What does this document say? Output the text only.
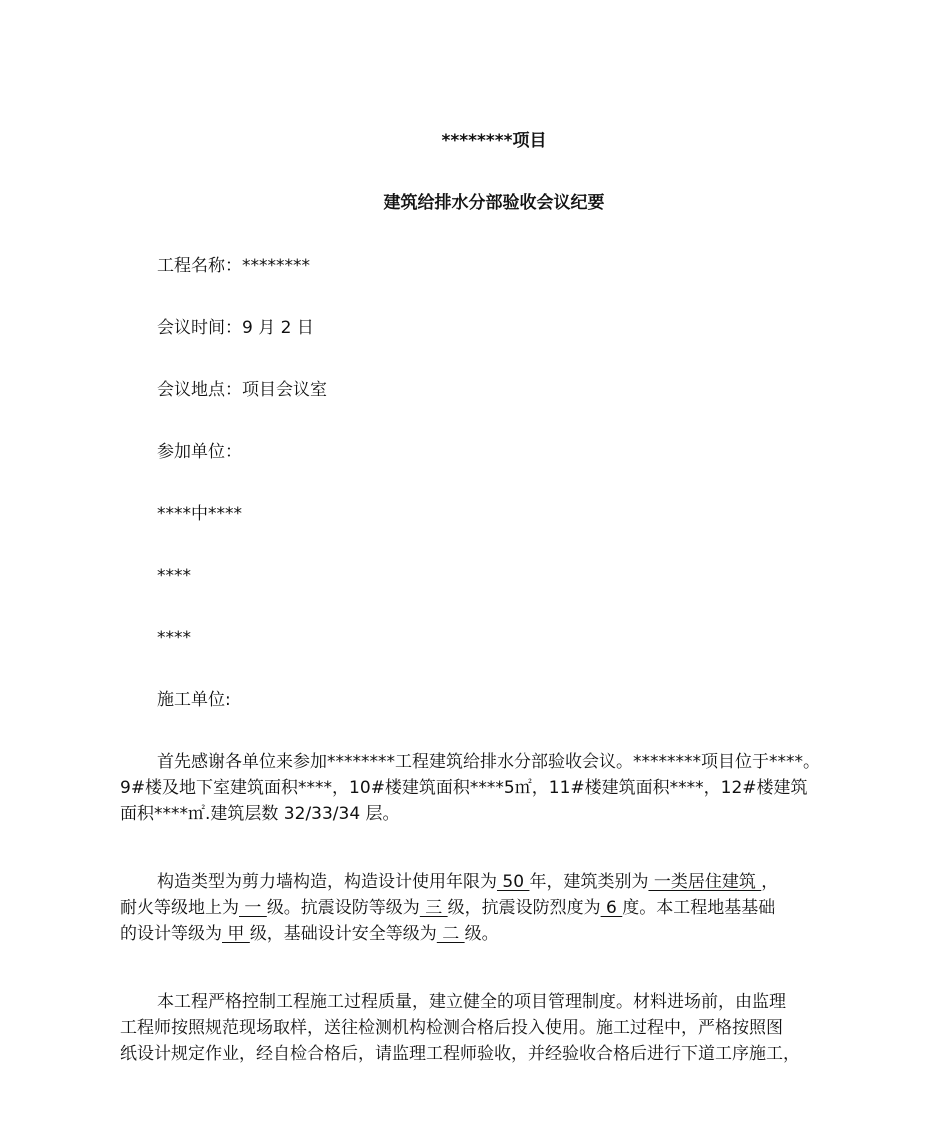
********项目
建筑给排水分部验收会议纪要
工程名称：********
会议时间：9 月 2 日
会议地点：项目会议室
参加单位：
****中****
****
****
施工单位:
首先感谢各单位来参加********工程建筑给排水分部验收会议。********项目位于****。
9#楼及地下室建筑面积****，10#楼建筑面积****5㎡，11#楼建筑面积****，12#楼建筑
面积****㎡.建筑层数 32/33/34 层。
构造类型为剪力墙构造，构造设计使用年限为 50 年，建筑类别为 一类居住建筑 ，
耐火等级地上为 一 级。抗震设防等级为 三 级，抗震设防烈度为 6 度。本工程地基基础
的设计等级为 甲 级，基础设计安全等级为 二 级。
本工程严格控制工程施工过程质量，建立健全的项目管理制度。材料进场前，由监理
工程师按照规范现场取样，送往检测机构检测合格后投入使用。施工过程中，严格按照图
纸设计规定作业，经自检合格后，请监理工程师验收，并经验收合格后进行下道工序施工，
